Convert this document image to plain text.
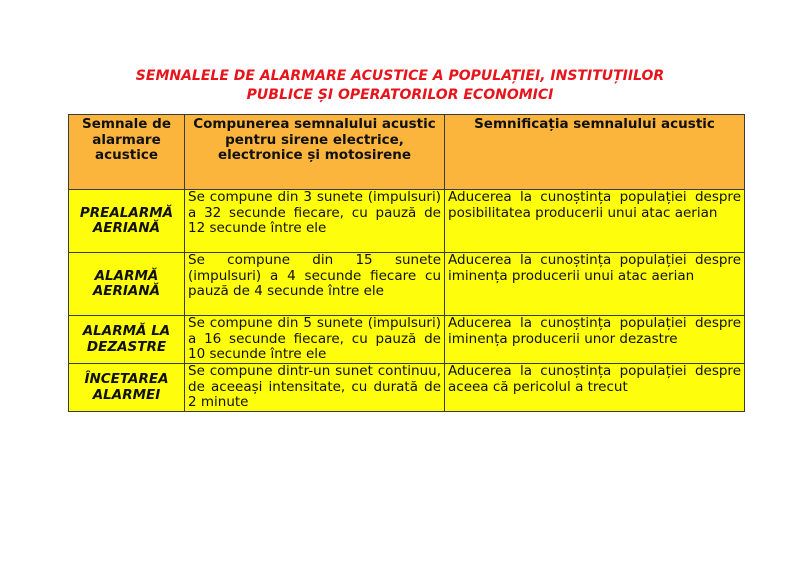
SEMNALELE DE ALARMARE ACUSTICE A POPULAȚIEI, INSTITUȚIILOR
PUBLICE ȘI OPERATORILOR ECONOMICI
Semnale de alarmare acustice	Compunerea semnalului acustic pentru sirene electrice, electronice și motosirene	Semnificația semnalului acustic
PREALARMĂ AERIANĂ	Se compune din 3 sunete (impulsuri) a 32 secunde fiecare, cu pauză de 12 secunde între ele	Aducerea la cunoștința populației despre posibilitatea producerii unui atac aerian
ALARMĂ AERIANĂ	Se compune din 15 sunete (impulsuri) a 4 secunde fiecare cu pauză de 4 secunde între ele	Aducerea la cunoștința populației despre iminența producerii unui atac aerian
ALARMĂ LA DEZASTRE	Se compune din 5 sunete (impulsuri) a 16 secunde fiecare, cu pauză de 10 secunde între ele	Aducerea la cunoștința populației despre iminența producerii unor dezastre
ÎNCETAREA ALARMEI	Se compune dintr-un sunet continuu, de aceeași intensitate, cu durată de 2 minute	Aducerea la cunoștința populației despre aceea că pericolul a trecut
